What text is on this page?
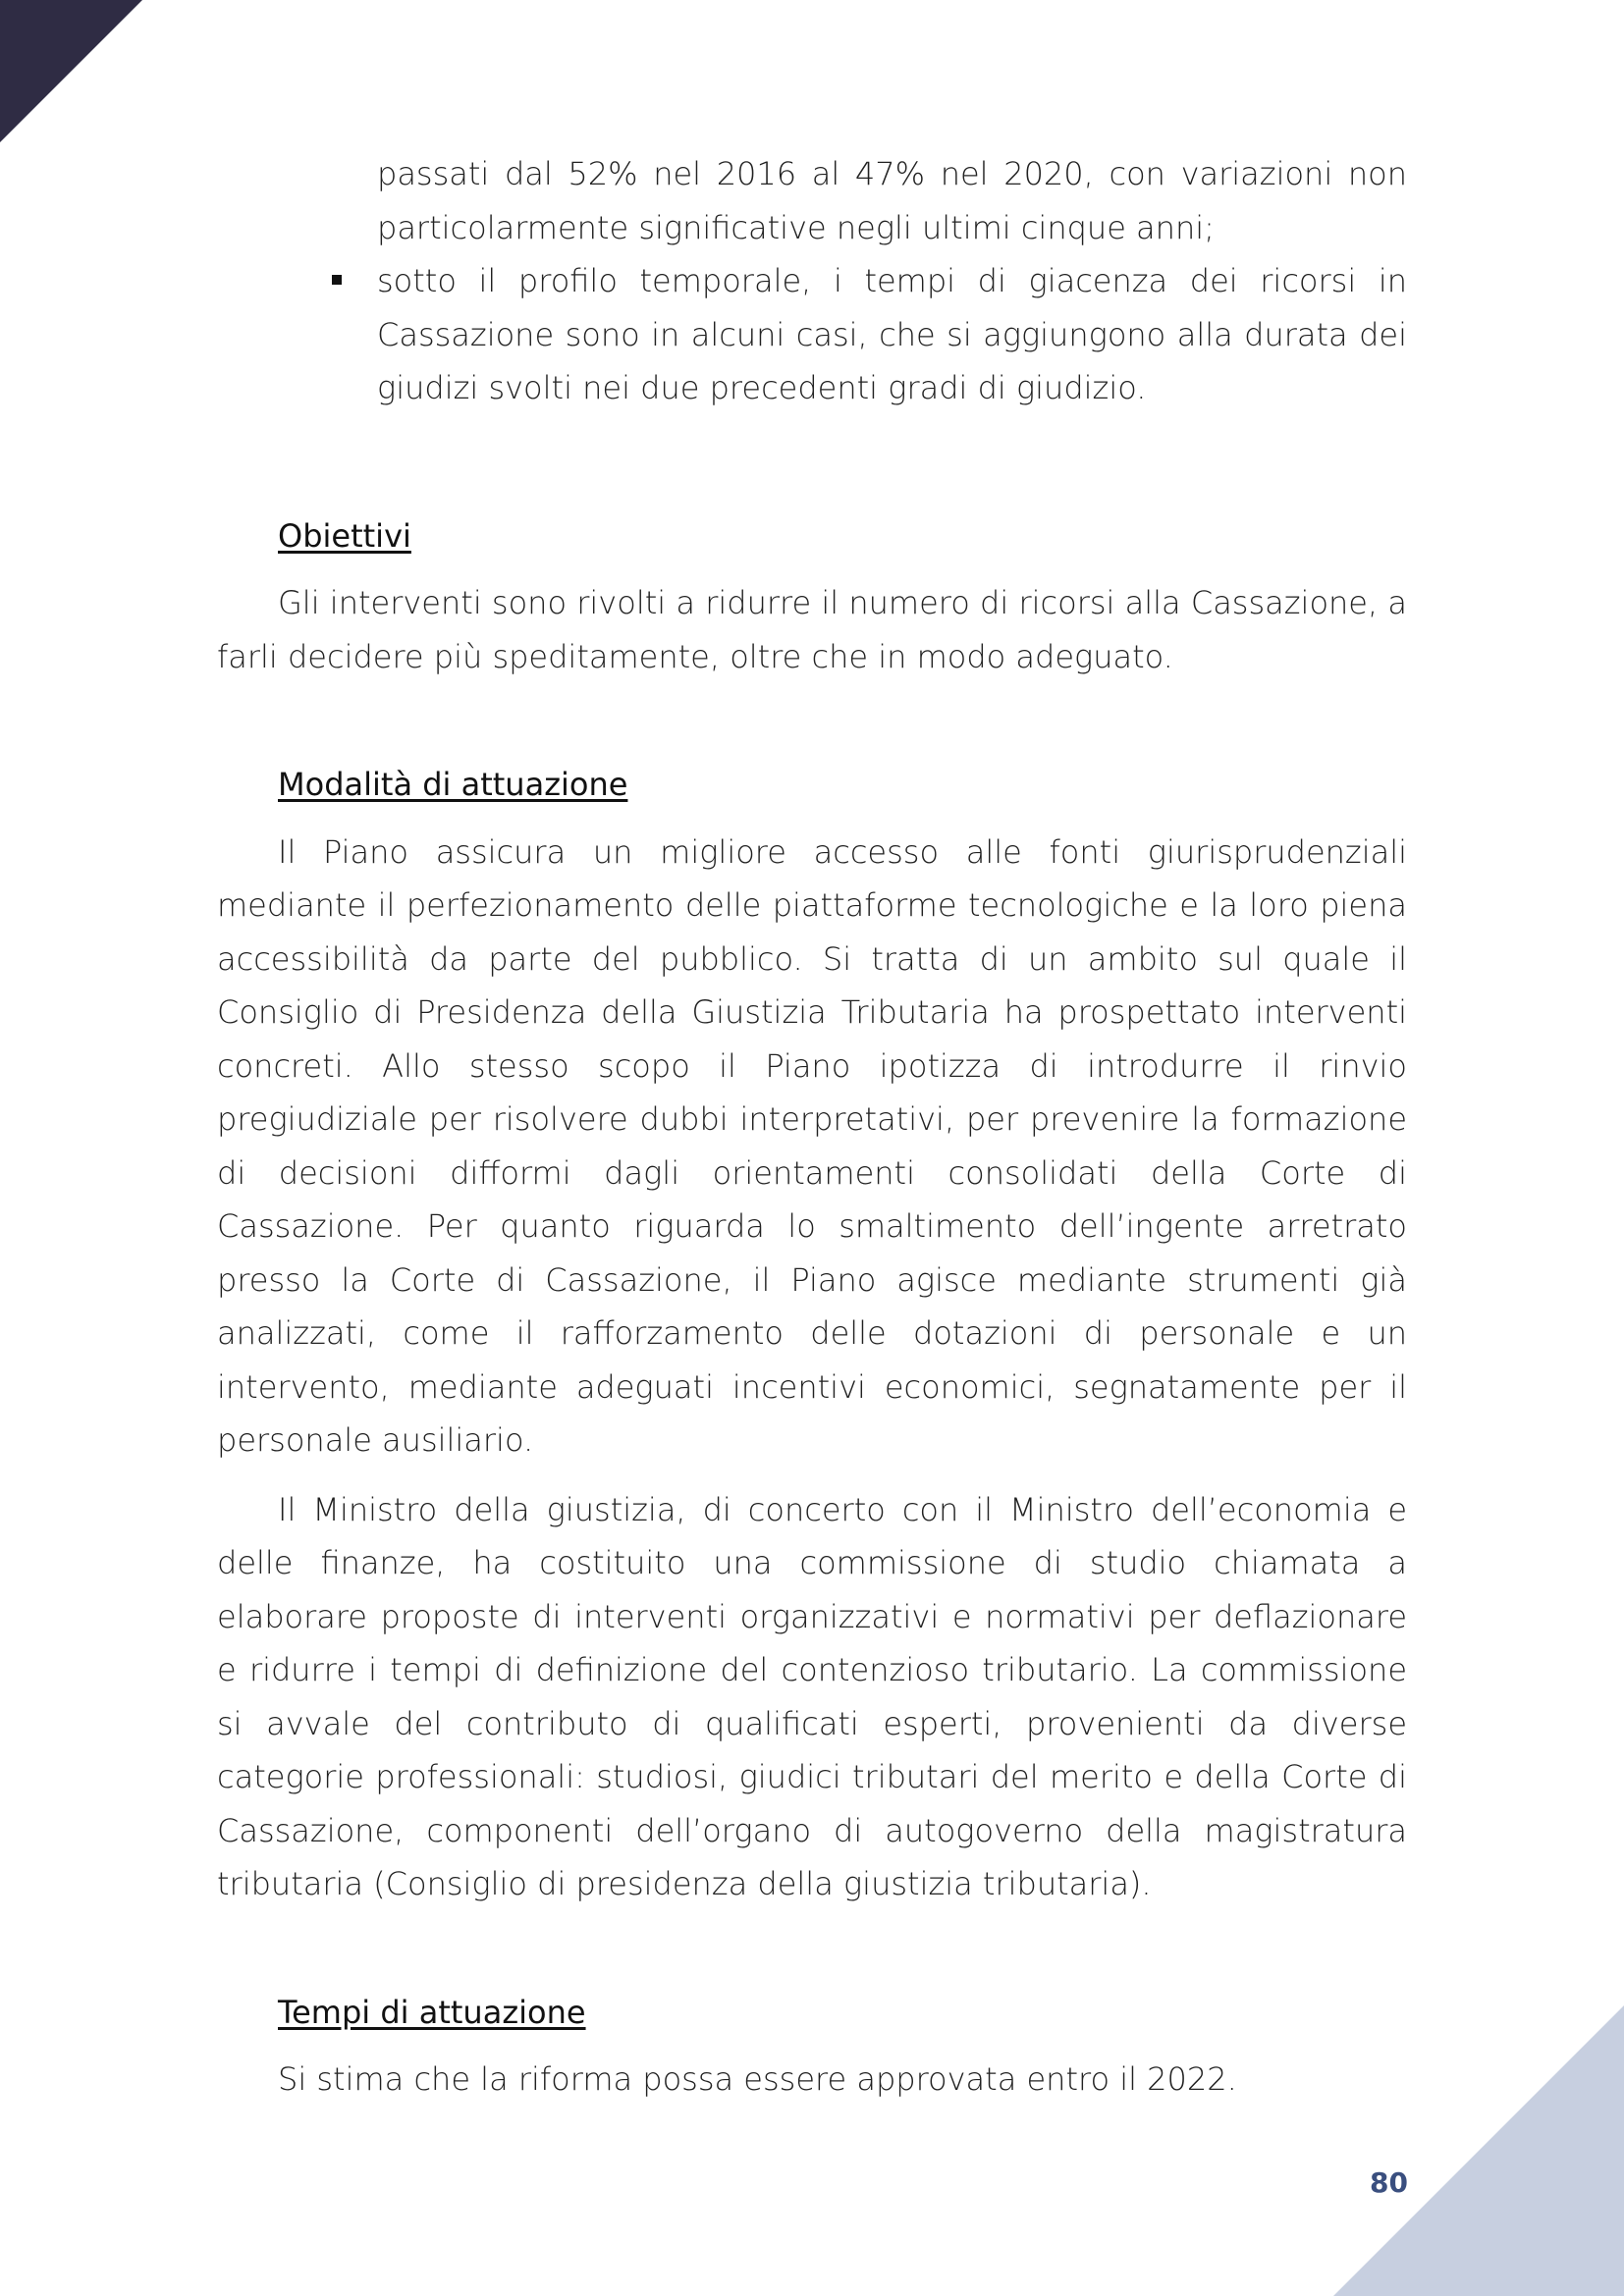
passati dal 52% nel 2016 al 47% nel 2020, con variazioni non particolarmente significative negli ultimi cinque anni;
sotto il profilo temporale, i tempi di giacenza dei ricorsi in Cassazione sono in alcuni casi, che si aggiungono alla durata dei giudizi svolti nei due precedenti gradi di giudizio.
Obiettivi

Gli interventi sono rivolti a ridurre il numero di ricorsi alla Cassazione, a farli decidere più speditamente, oltre che in modo adeguato.

Modalità di attuazione

Il Piano assicura un migliore accesso alle fonti giurisprudenziali mediante il perfezionamento delle piattaforme tecnologiche e la loro piena accessibilità da parte del pubblico. Si tratta di un ambito sul quale il Consiglio di Presidenza della Giustizia Tributaria ha prospettato interventi concreti. Allo stesso scopo il Piano ipotizza di introdurre il rinvio pregiudiziale per risolvere dubbi interpretativi, per prevenire la formazione di decisioni difformi dagli orientamenti consolidati della Corte di Cassazione. Per quanto riguarda lo smaltimento dell’ingente arretrato presso la Corte di Cassazione, il Piano agisce mediante strumenti già analizzati, come il rafforzamento delle dotazioni di personale e un intervento, mediante adeguati incentivi economici, segnatamente per il personale ausiliario.

Il Ministro della giustizia, di concerto con il Ministro dell’economia e delle finanze, ha costituito una commissione di studio chiamata a elaborare proposte di interventi organizzativi e normativi per deflazionare e ridurre i tempi di definizione del contenzioso tributario. La commissione si avvale del contributo di qualificati esperti, provenienti da diverse categorie professionali: studiosi, giudici tributari del merito e della Corte di Cassazione, componenti dell’organo di autogoverno della magistratura tributaria (Consiglio di presidenza della giustizia tributaria).

Tempi di attuazione

Si stima che la riforma possa essere approvata entro il 2022.

80
